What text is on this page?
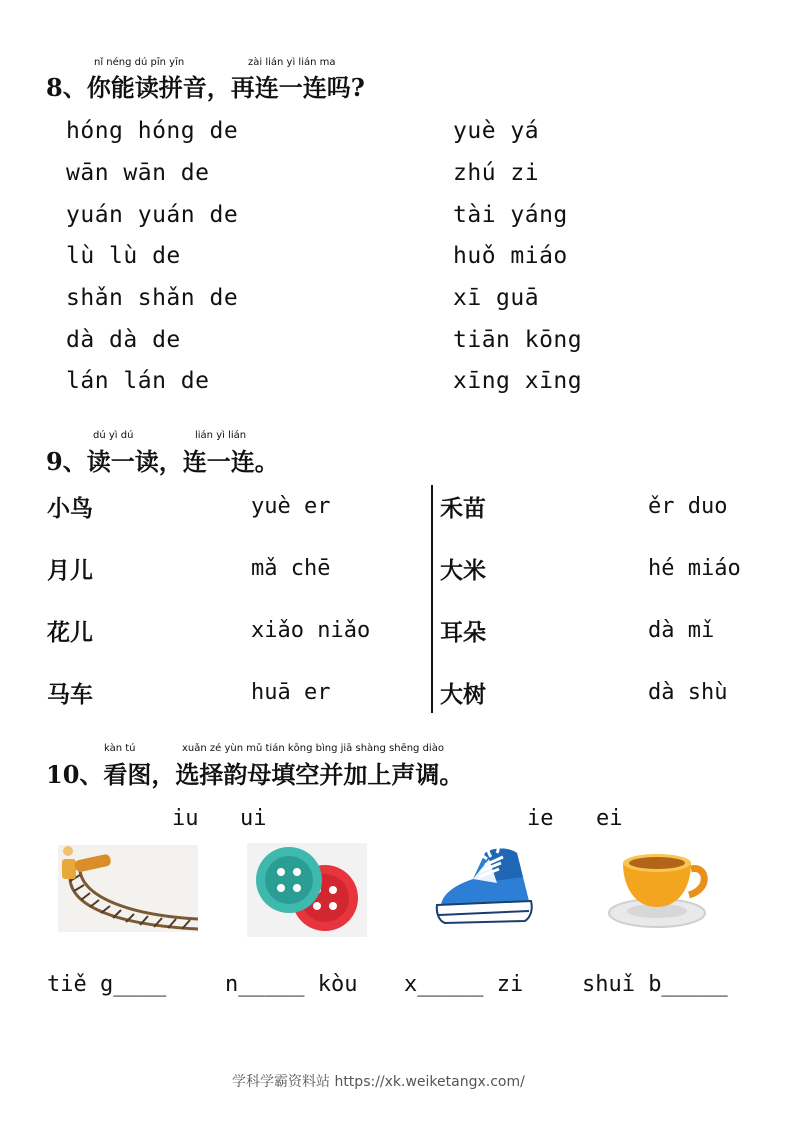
nǐ néng dú pīn yīn	zài lián yì lián ma
8、你能读拼音，再连一连吗?
hóng hóng de
wān wān de
yuán yuán de
lù lù de
shǎn shǎn de
dà dà de
lán lán de
yuè yá
zhú zi
tài yáng
huǒ miáo
xī guā
tiān kōng
xīng xīng
dú yì dú	lián yì lián
9、读一读，连一连。
小鸟
月儿
花儿
马车
yuè er
mǎ chē
xiǎo niǎo
huā er
禾苗
大米
耳朵
大树
ěr duo
hé miáo
dà mǐ
dà shù
kàn tú	xuǎn zé yùn mǔ tián kōng bìng jiā shàng shēng diào
10、看图，选择韵母填空并加上声调。
iu ui	ie ei
tiě g____	n_____ kòu x_____ zi	shuǐ b_____
学科学霸资料站 https://xk.weiketangx.com/
